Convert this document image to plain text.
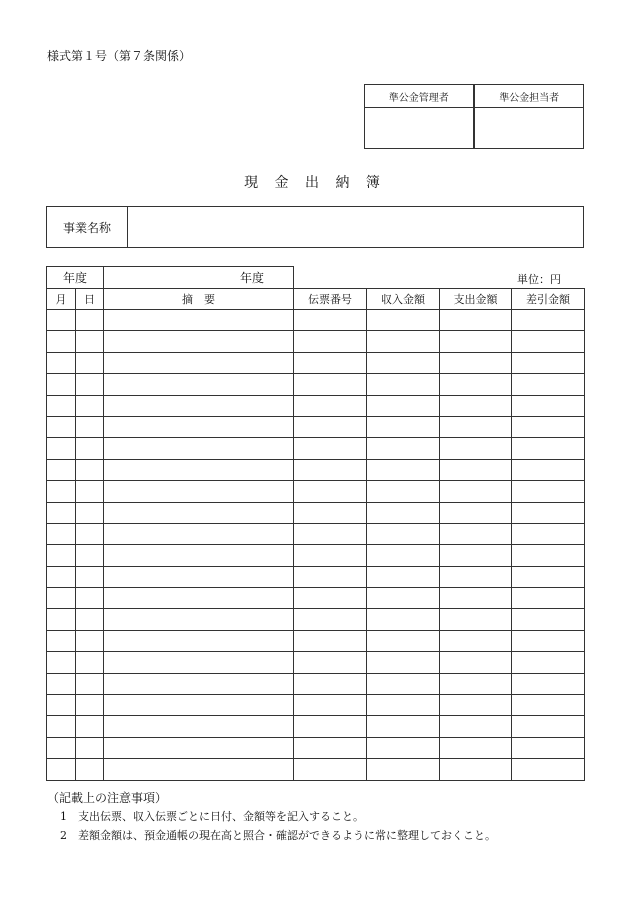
様式第１号（第７条関係）
準公金管理者		準公金担当者

現 金 出 納 簿
事業名称	
年度	年度	単位：円
月	日	摘　要	伝票番号	収入金額	支出金額	差引金額

（記載上の注意事項）
1　 支出伝票、収入伝票ごとに日付、金額等を記入すること。
2　 差額金額は、預金通帳の現在高と照合・確認ができるように常に整理しておくこと。
